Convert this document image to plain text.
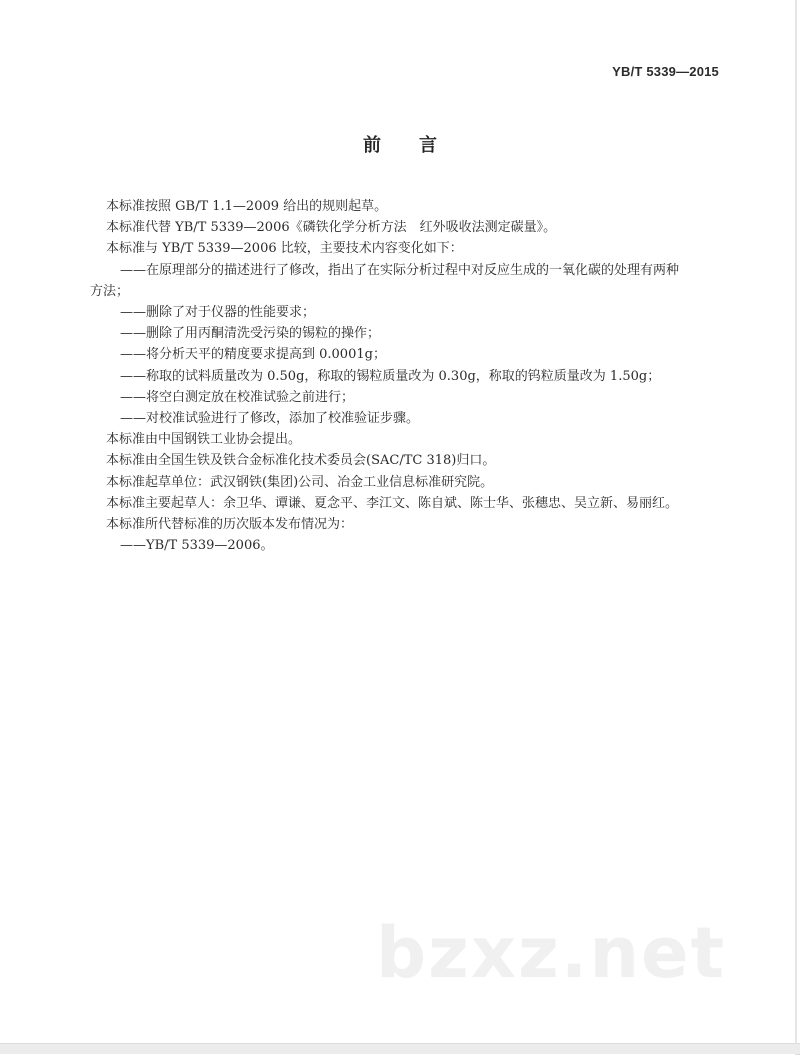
YB/T 5339—2015
前言
本标准按照 GB/T 1.1—2009 给出的规则起草。
本标准代替 YB/T 5339—2006《磷铁化学分析方法　红外吸收法测定碳量》。
本标准与 YB/T 5339—2006 比较，主要技术内容变化如下：
——在原理部分的描述进行了修改，指出了在实际分析过程中对反应生成的一氧化碳的处理有两种
方法；
——删除了对于仪器的性能要求；
——删除了用丙酮清洗受污染的锡粒的操作；
——将分析天平的精度要求提高到 0.0001g；
——称取的试料质量改为 0.50g，称取的锡粒质量改为 0.30g，称取的钨粒质量改为 1.50g；
——将空白测定放在校准试验之前进行；
——对校准试验进行了修改，添加了校准验证步骤。
本标准由中国钢铁工业协会提出。
本标准由全国生铁及铁合金标准化技术委员会(SAC/TC 318)归口。
本标准起草单位：武汉钢铁(集团)公司、冶金工业信息标准研究院。
本标准主要起草人：余卫华、谭谦、夏念平、李江文、陈自斌、陈士华、张穗忠、吴立新、易丽红。
本标准所代替标准的历次版本发布情况为：
——YB/T 5339—2006。
bzxz.net
